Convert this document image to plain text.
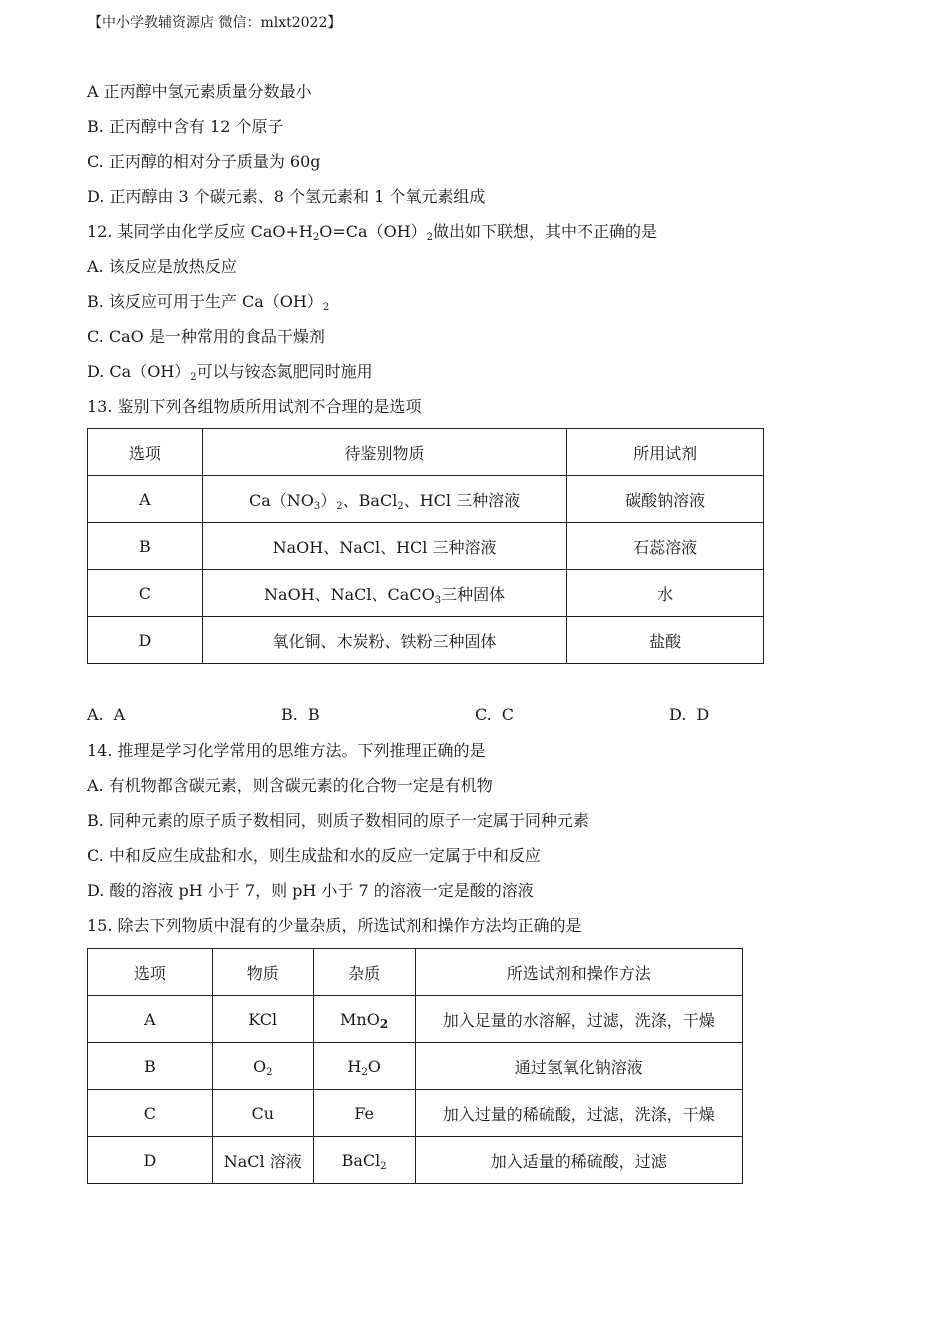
【中小学教辅资源店 微信：mlxt2022】
A 正丙醇中氢元素质量分数最小
B. 正丙醇中含有 12 个原子
C. 正丙醇的相对分子质量为 60g
D. 正丙醇由 3 个碳元素、8 个氢元素和 1 个氧元素组成
12. 某同学由化学反应 $CaO+H_2O=Ca(OH)_2$做出如下联想，其中不正确的是
A. 该反应是放热反应
B. 该反应可用于生产 $Ca(OH)_2$
C. CaO 是一种常用的食品干燥剂
D. $Ca(OH)_2$可以与铵态氮肥同时施用
13. 鉴别下列各组物质所用试剂不合理的是选项
选项	待鉴别物质	所用试剂
A	$Ca(NO_3)_2$、BaCl$_2$、HCl 三种溶液	碳酸钠溶液
B	NaOH、NaCl、HCl 三种溶液	石蕊溶液
C	NaOH、NaCl、CaCO$_3$三种固体	水
D	氧化铜、木炭粉、铁粉三种固体	盐酸
A. A	B. B	C. C	D. D
14. 推理是学习化学常用的思维方法。下列推理正确的是
A. 有机物都含碳元素，则含碳元素的化合物一定是有机物
B. 同种元素的原子质子数相同，则质子数相同的原子一定属于同种元素
C. 中和反应生成盐和水，则生成盐和水的反应一定属于中和反应
D. 酸的溶液 pH 小于 7，则 pH 小于 7 的溶液一定是酸的溶液
15. 除去下列物质中混有的少量杂质，所选试剂和操作方法均正确的是
选项	物质	杂质	所选试剂和操作方法
A	KCl	MnO$_2$	加入足量的水溶解，过滤，洗涤，干燥
B	$O_2$	$H_2O$	通过氢氧化钠溶液
C	Cu	Fe	加入过量的稀硫酸，过滤，洗涤，干燥
D	NaCl 溶液	BaCl$_2$	加入适量的稀硫酸，过滤
